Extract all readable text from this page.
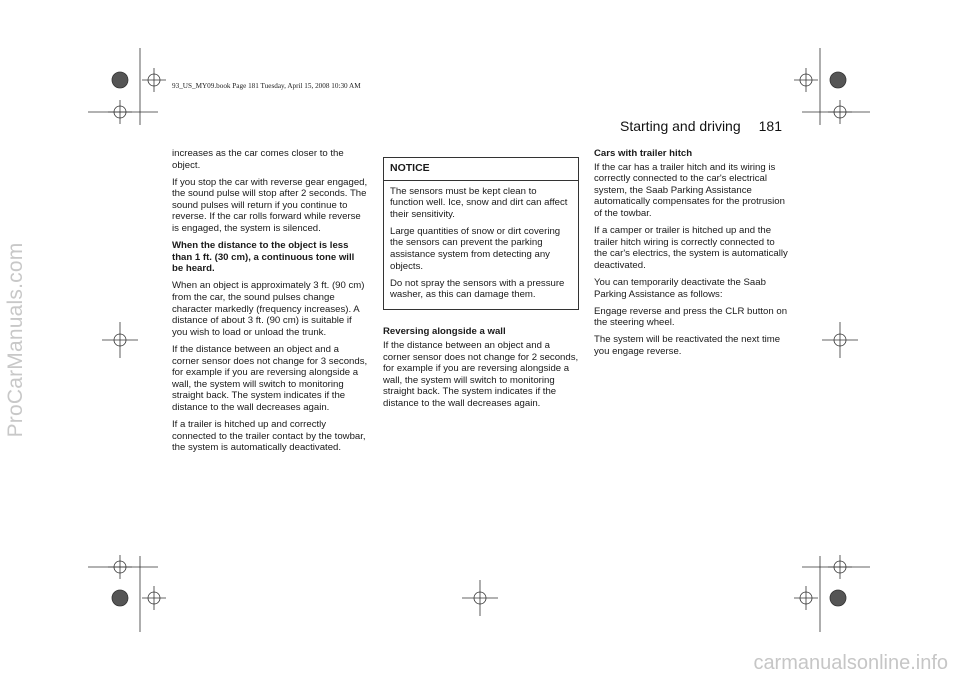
ProCarManuals.com
carmanualsonline.info
93_US_MY09.book Page 181 Tuesday, April 15, 2008 10:30 AM
Starting and driving 181

increases as the car comes closer to the object.

If you stop the car with reverse gear engaged, the sound pulse will stop after 2 seconds. The sound pulses will return if you continue to reverse. If the car rolls forward while reverse is engaged, the system is silenced.

When the distance to the object is less than 1 ft. (30 cm), a continuous tone will be heard.

When an object is approximately 3 ft. (90 cm) from the car, the sound pulses change character markedly (frequency increases). A distance of about 3 ft. (90 cm) is suitable if you wish to load or unload the trunk.

If the distance between an object and a corner sensor does not change for 3 seconds, for example if you are reversing alongside a wall, the system will switch to monitoring straight back. The system indicates if the distance to the wall decreases again.

If a trailer is hitched up and correctly connected to the trailer contact by the towbar, the system is automatically deactivated.

NOTICE

The sensors must be kept clean to function well. Ice, snow and dirt can affect their sensitivity.

Large quantities of snow or dirt covering the sensors can prevent the parking assistance system from detecting any objects.

Do not spray the sensors with a pressure washer, as this can damage them.

Reversing alongside a wall

If the distance between an object and a corner sensor does not change for 2 seconds, for example if you are reversing alongside a wall, the system will switch to monitoring straight back. The system indicates if the distance to the wall decreases again.

Cars with trailer hitch

If the car has a trailer hitch and its wiring is correctly connected to the car's electrical system, the Saab Parking Assistance automatically compensates for the protrusion of the towbar.

If a camper or trailer is hitched up and the trailer hitch wiring is correctly connected to the car's electrics, the system is automatically deactivated.

You can temporarily deactivate the Saab Parking Assistance as follows:

Engage reverse and press the CLR button on the steering wheel.

The system will be reactivated the next time you engage reverse.
